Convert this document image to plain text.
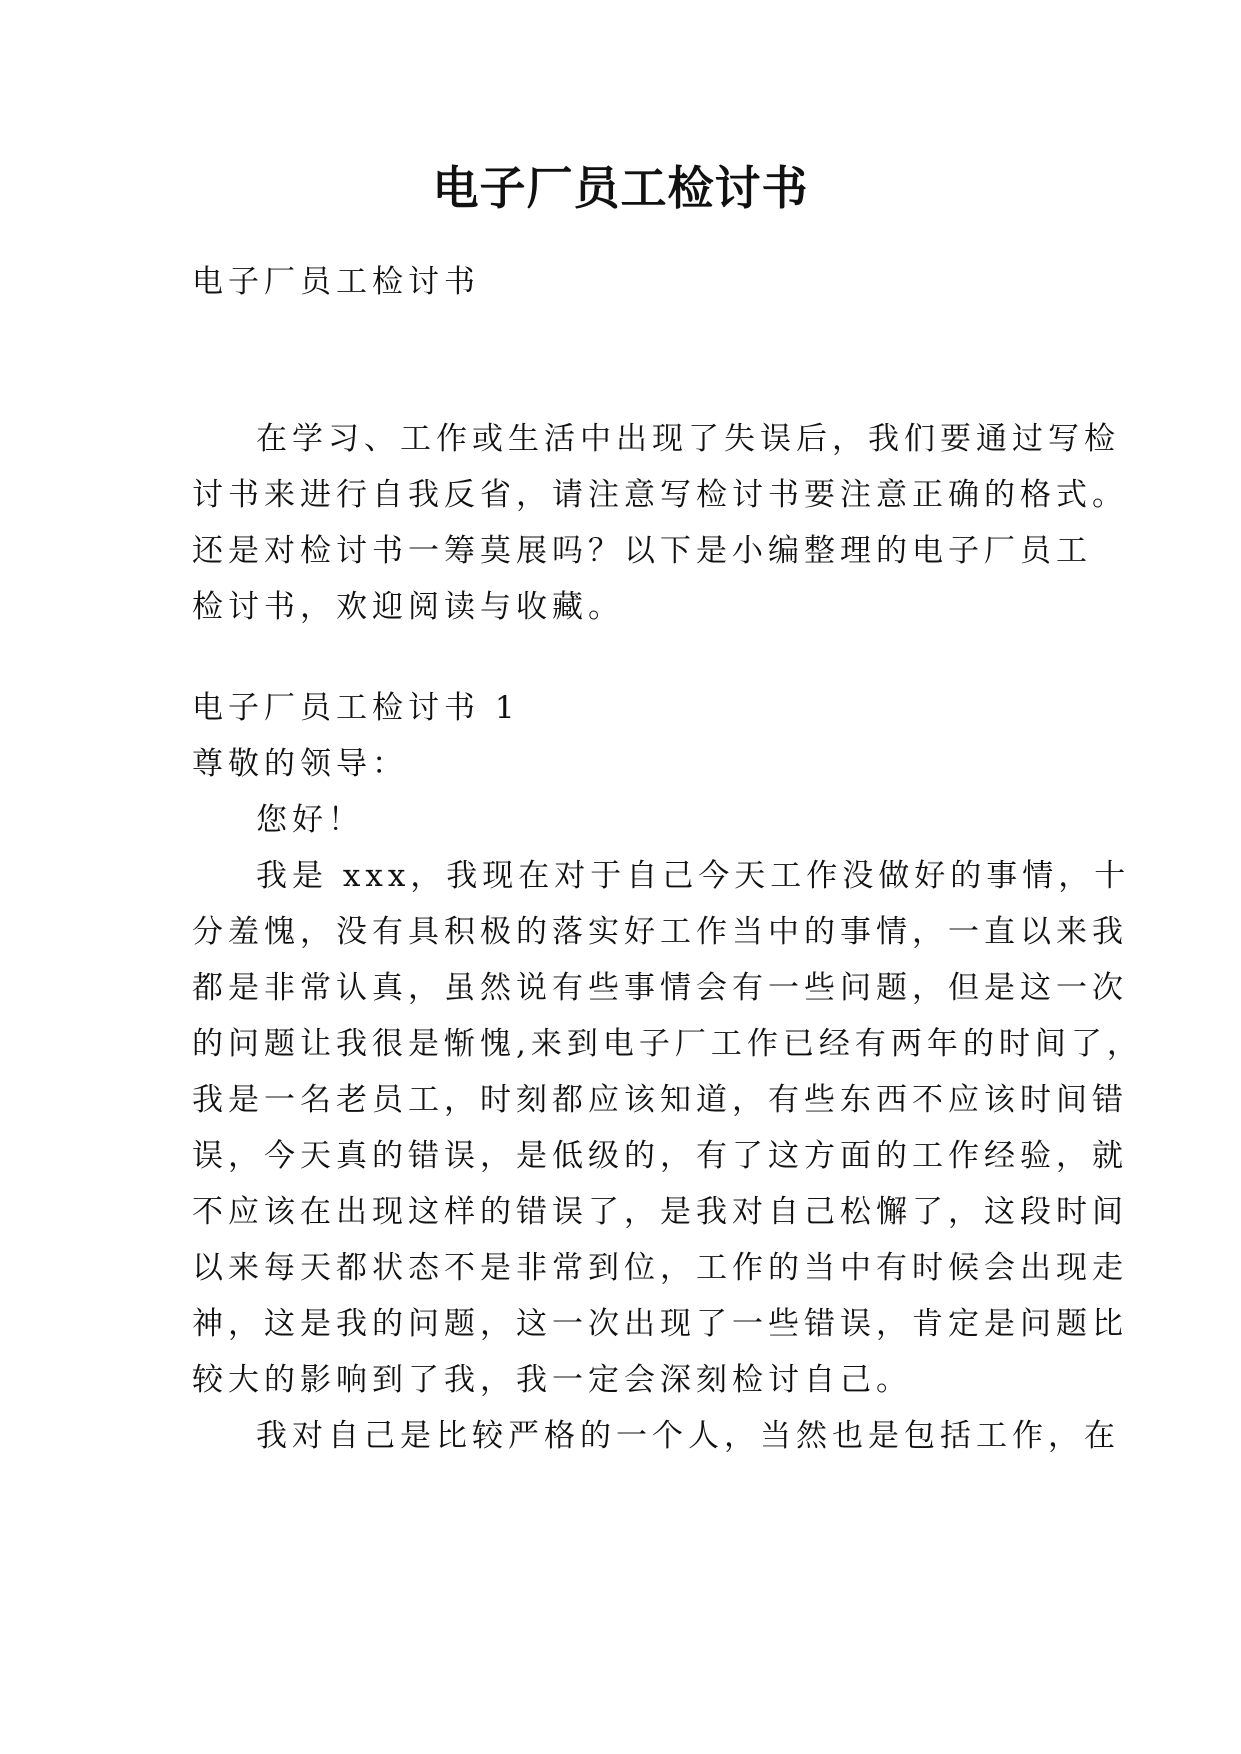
电子厂员工检讨书
电子厂员工检讨书
在学习、工作或生活中出现了失误后，我们要通过写检
讨书来进行自我反省，请注意写检讨书要注意正确的格式。
还是对检讨书一筹莫展吗？以下是小编整理的电子厂员工
检讨书，欢迎阅读与收藏。
电子厂员工检讨书 1
尊敬的领导：
您好！
我是 xxx，我现在对于自己今天工作没做好的事情，十
分羞愧，没有具积极的落实好工作当中的事情，一直以来我
都是非常认真，虽然说有些事情会有一些问题，但是这一次
的问题让我很是惭愧,来到电子厂工作已经有两年的时间了，
我是一名老员工，时刻都应该知道，有些东西不应该时间错
误，今天真的错误，是低级的，有了这方面的工作经验，就
不应该在出现这样的错误了，是我对自己松懈了，这段时间
以来每天都状态不是非常到位，工作的当中有时候会出现走
神，这是我的问题，这一次出现了一些错误，肯定是问题比
较大的影响到了我，我一定会深刻检讨自己。
我对自己是比较严格的一个人，当然也是包括工作，在
